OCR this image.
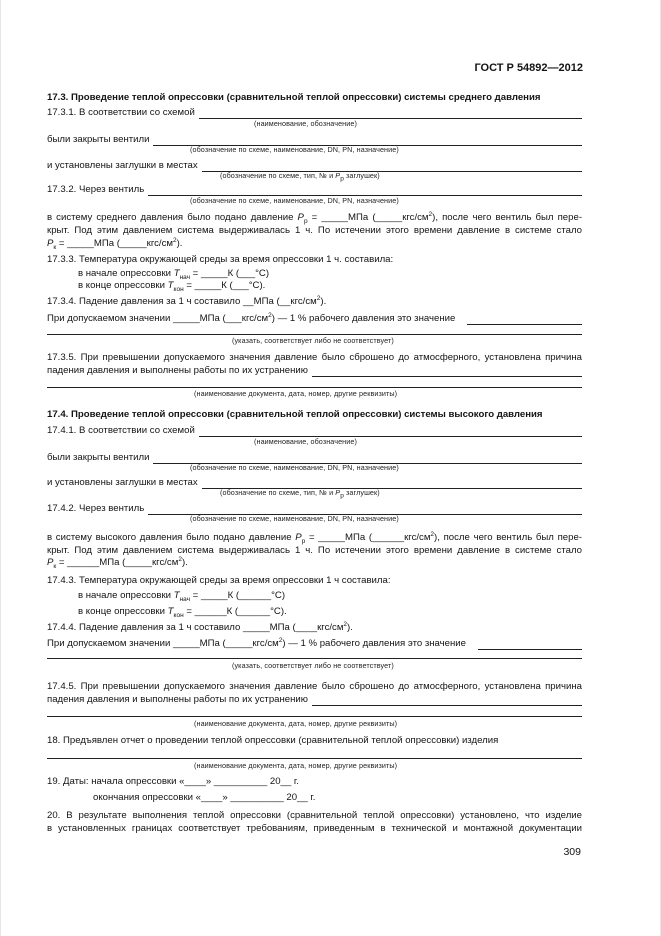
ГОСТ Р 54892—2012
17.3. Проведение теплой опрессовки (сравнительной теплой опрессовки) системы среднего давления
17.3.1. В соответствии со схемой
(наименование, обозначение)
были закрыты вентили
(обозначение по схеме, наименование, DN, PN, назначение)
и установлены заглушки в местах
(обозначение по схеме, тип, № и $P_р$ заглушек)
17.3.2. Через вентиль
(обозначение по схеме, наименование, DN, PN, назначение)
в систему среднего давления было подано давление $P_р$ = _____МПа $(\_\_\_\_\_кгс/см^2)$, после чего вентиль был пере-
крыт. Под этим давлением система выдерживалась 1 ч. По истечении этого времени давление в системе стало
$P_к$ = _____МПа $(\_\_\_\_\_кгс/см^2)$.
17.3.3. Температура окружающей среды за время опрессовки 1 ч. составила:
в начале опрессовки $T_{нач}$ = _____К (___°С)
в конце опрессовки $T_{кон}$ = _____К (___°С).
17.3.4. Падение давления за 1 ч составило __МПа $(\_\_кгс/см^2)$.
При допускаемом значении _____МПа $(\_\_\_кгс/см^2)$ — 1 % рабочего давления это значение
(указать, соответствует либо не соответствует)
17.3.5. При превышении допускаемого значения давление было сброшено до атмосферного, установлена причина
падения давления и выполнены работы по их устранению
(наименование документа, дата, номер, другие реквизиты)
17.4. Проведение теплой опрессовки (сравнительной теплой опрессовки) системы высокого давления
17.4.1. В соответствии со схемой
(наименование, обозначение)
были закрыты вентили
(обозначение по схеме, наименование, DN, PN, назначение)
и установлены заглушки в местах
(обозначение по схеме, тип, № и $P_р$ заглушек)
17.4.2. Через вентиль
(обозначение по схеме, наименование, DN, PN, назначение)
в систему высокого давления было подано давление $P_р$ = _____МПа $(\_\_\_\_\_\_кгс/см^2)$, после чего вентиль был пере-
крыт. Под этим давлением система выдерживалась 1 ч. По истечении этого времени давление в системе стало
$P_к$ = ______МПа $(\_\_\_\_\_кгс/см^2)$.
17.4.3. Температура окружающей среды за время опрессовки 1 ч составила:
в начале опрессовки $T_{нач}$ = _____К (______°С)
в конце опрессовки $T_{кон}$ = ______К (______°С).
17.4.4. Падение давления за 1 ч составило _____МПа $(\_\_\_\_кгс/см^2)$.
При допускаемом значении _____МПа $(\_\_\_\_\_кгс/см^2)$ — 1 % рабочего давления это значение
(указать, соответствует либо не соответствует)
17.4.5. При превышении допускаемого значения давление было сброшено до атмосферного, установлена причина
падения давления и выполнены работы по их устранению
(наименование документа, дата, номер, другие реквизиты)
18. Предъявлен отчет о проведении теплой опрессовки (сравнительной теплой опрессовки) изделия
(наименование документа, дата, номер, другие реквизиты)
19. Даты: начала опрессовки «____» __________ 20__ г.
окончания опрессовки «____» __________ 20__ г.
20. В результате выполнения теплой опрессовки (сравнительной теплой опрессовки) установлено, что изделие
в установленных границах соответствует требованиям, приведенным в технической и монтажной документации
309
